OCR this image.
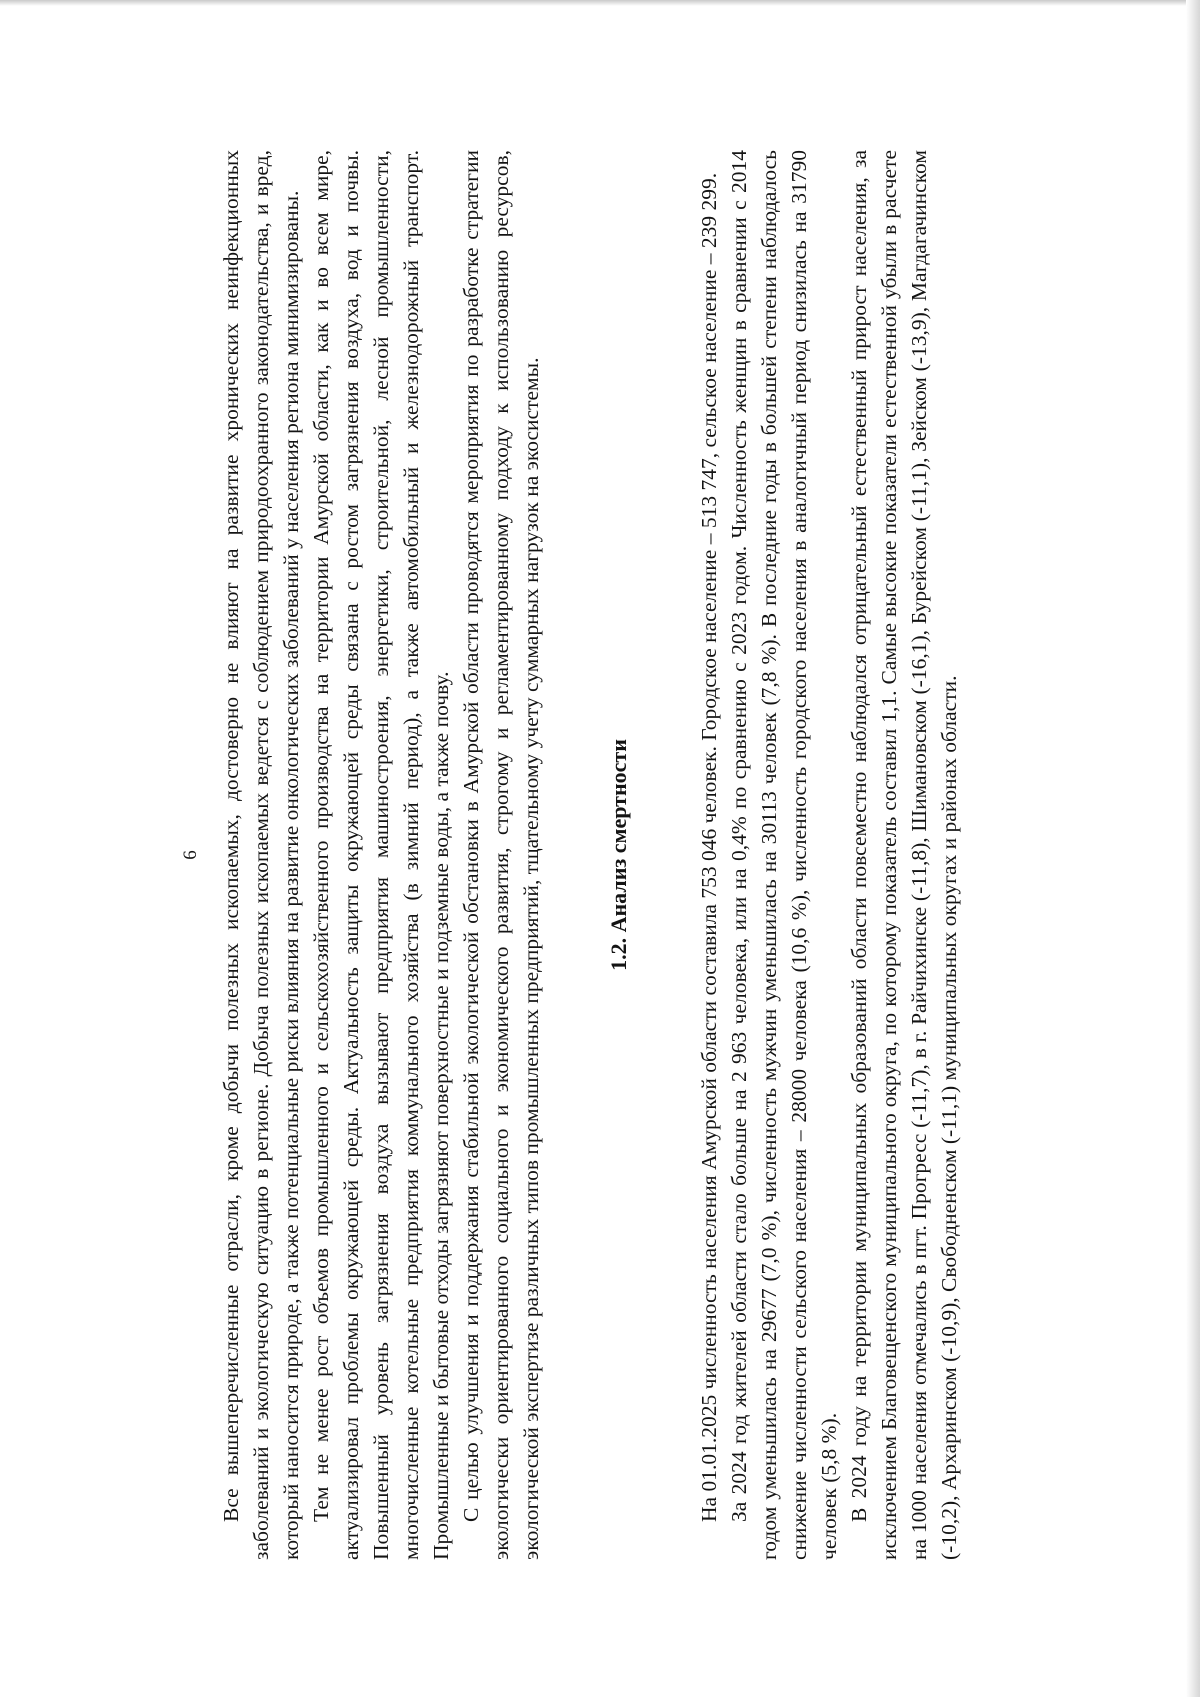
6 Все вышеперечисленные отрасли, кроме добычи полезных ископаемых, достоверно не влияют на развитие хронических неинфекционных заболеваний и экологическую ситуацию в регионе. Добыча полезных ископаемых ведется с соблюдением природоохранного законодательства, и вред, который наносится природе, а также потенциальные риски влияния на развитие онкологических заболеваний у населения региона минимизированы. Тем не менее рост объемов промышленного и сельскохозяйственного производства на территории Амурской области, как и во всем мире, актуализировал проблемы окружающей среды. Актуальность защиты окружающей среды связана с ростом загрязнения воздуха, вод и почвы. Повышенный уровень загрязнения воздуха вызывают предприятия машиностроения, энергетики, строительной, лесной промышленности, многочисленные котельные предприятия коммунального хозяйства (в зимний период), а также автомобильный и железнодорожный транспорт. Промышленные и бытовые отходы загрязняют поверхностные и подземные воды, а также почву. С целью улучшения и поддержания стабильной экологической обстановки в Амурской области проводятся мероприятия по разработке стратегии экологически ориентированного социального и экономического развития, строгому и регламентированному подходу к использованию ресурсов, экологической экспертизе различных типов промышленных предприятий, тщательному учету суммарных нагрузок на экосистемы.	1.2. Анализ смертности	На 01.01.2025 численность населения Амурской области составила 753 046 человек. Городское население – 513 747, сельское население – 239 299. За 2024 год жителей области стало больше на 2 963 человека, или на 0,4% по сравнению с 2023 годом. Численность женщин в сравнении с 2014 годом уменьшилась на 29677 (7,0 %), численность мужчин уменьшилась на 30113 человек (7,8 %). В последние годы в большей степени наблюдалось снижение численности сельского населения – 28000 человека (10,6 %), численность городского населения в аналогичный период снизилась на 31790 человек (5,8 %). В 2024 году на территории муниципальных образований области повсеместно наблюдался отрицательный естественный прирост населения, за исключением Благовещенского муниципального округа, по которому показатель составил 1,1. Самые высокие показатели естественной убыли в расчете на 1000 населения отмечались в пгт. Прогресс (-11,7), в г. Райчихинске (-11,8), Шимановском (-16,1), Бурейском (-11,1), Зейском (-13,9), Магдагачинском (-10,2), Архаринском (-10,9), Свободненском (-11,1) муниципальных округах и районах области.
